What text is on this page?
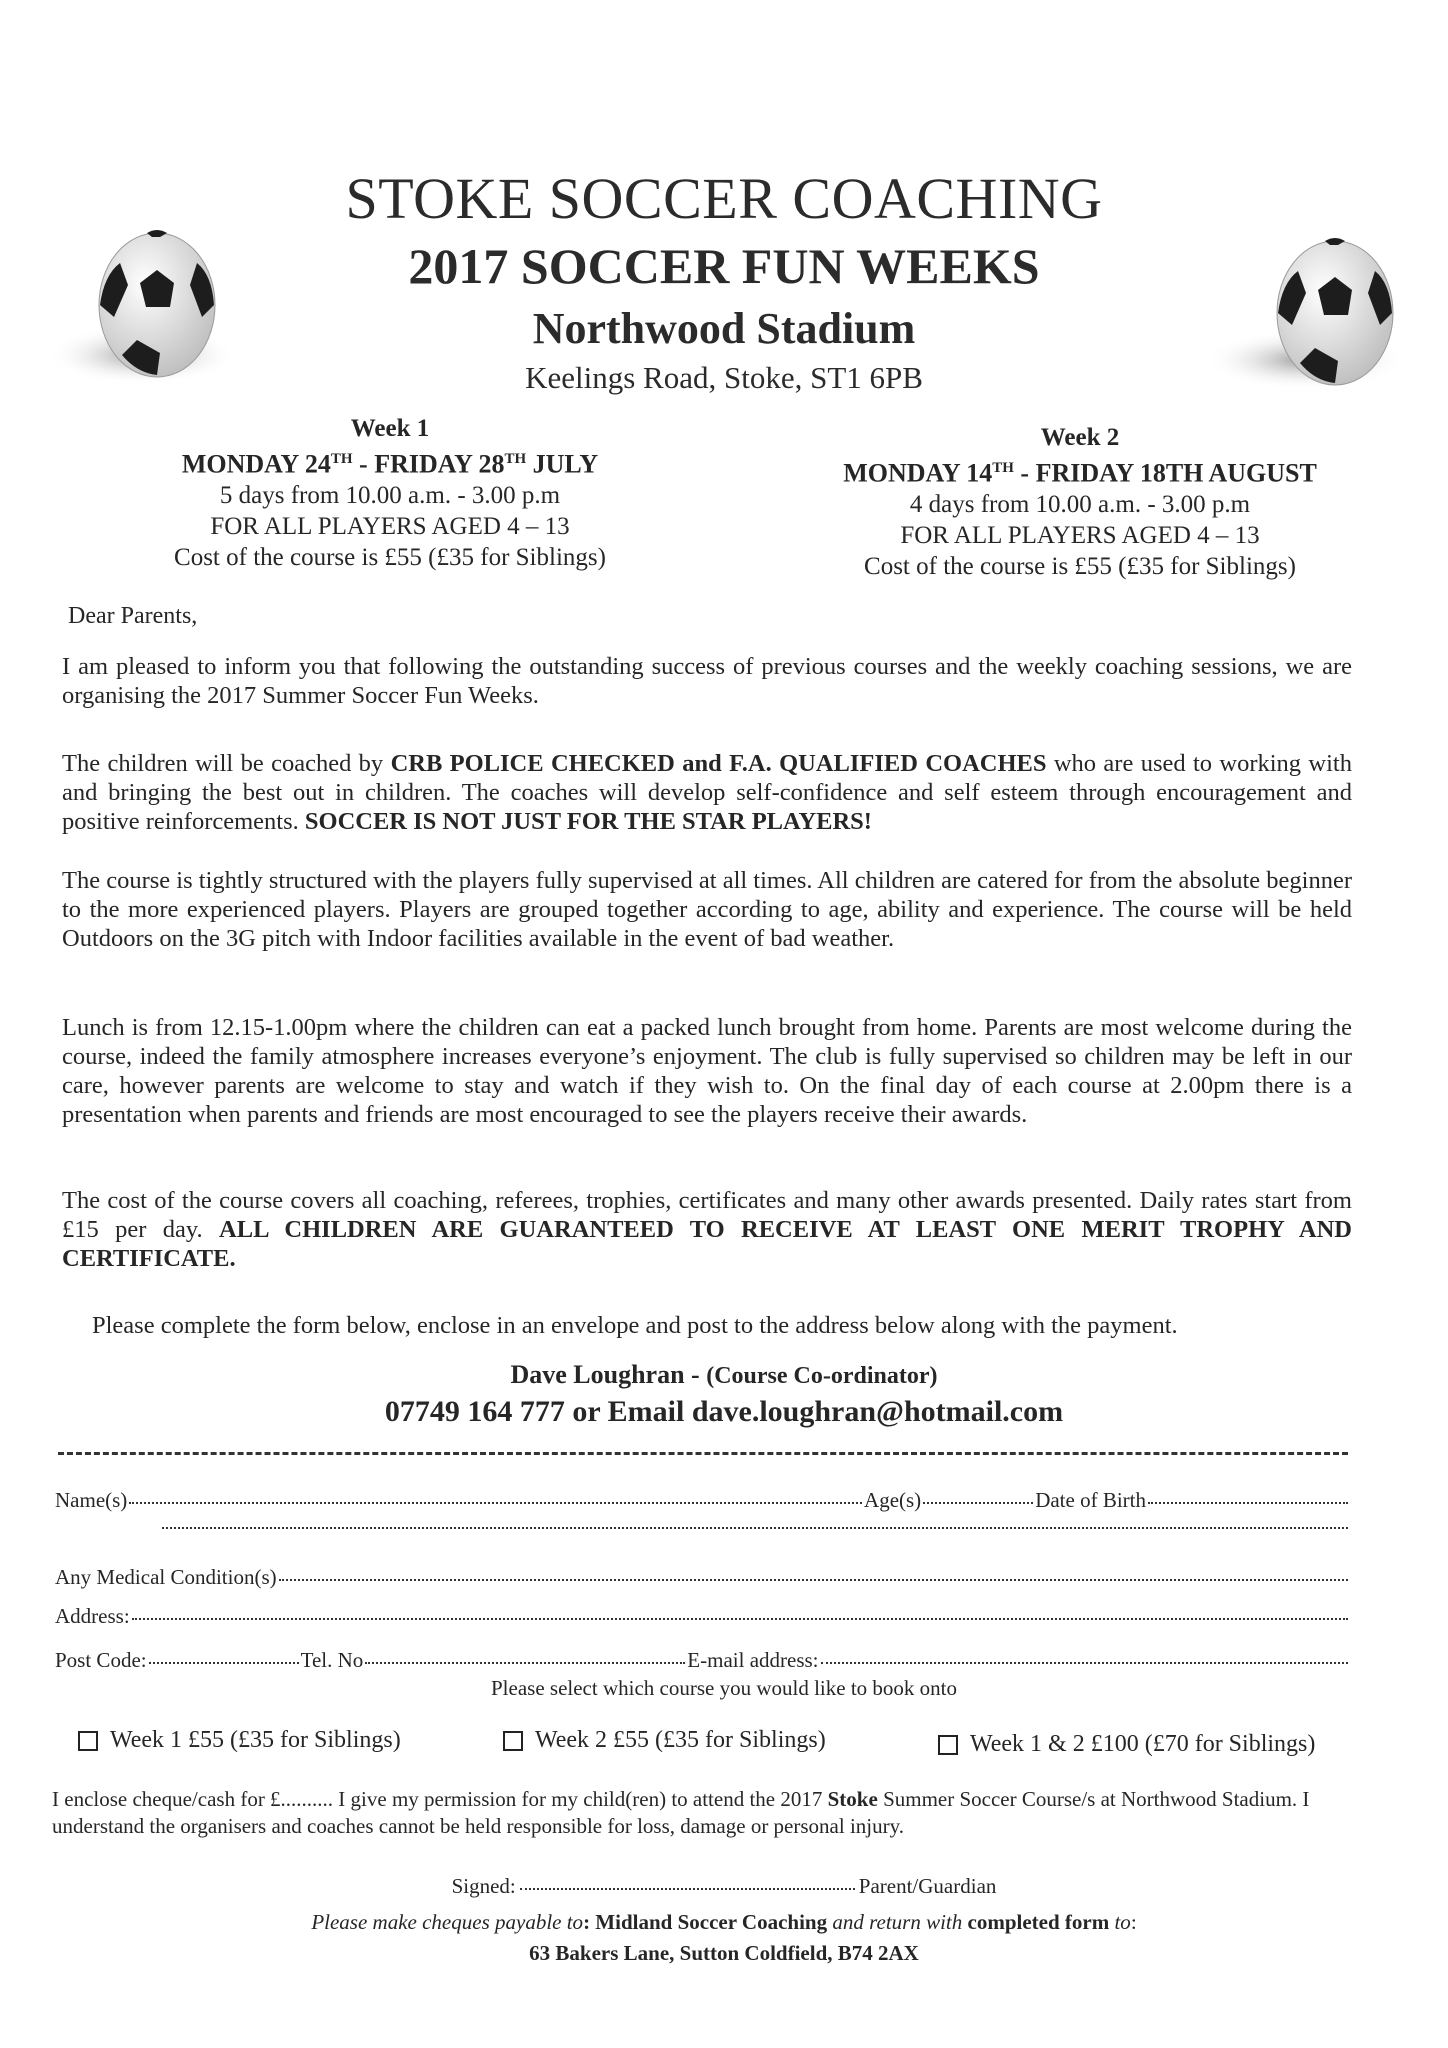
STOKE SOCCER COACHING
2017 SOCCER FUN WEEKS
Northwood Stadium
Keelings Road, Stoke, ST1 6PB
Week 1
MONDAY 24TH - FRIDAY 28TH JULY
5 days from 10.00 a.m. - 3.00 p.m
FOR ALL PLAYERS AGED 4 – 13
Cost of the course is £55 (£35 for Siblings)
Week 2
MONDAY 14TH - FRIDAY 18TH AUGUST
4 days from 10.00 a.m. - 3.00 p.m
FOR ALL PLAYERS AGED 4 – 13
Cost of the course is £55 (£35 for Siblings)
Dear Parents,
I am pleased to inform you that following the outstanding success of previous courses and the weekly coaching sessions, we are organising the 2017 Summer Soccer Fun Weeks.
The children will be coached by CRB POLICE CHECKED and F.A. QUALIFIED COACHES who are used to working with and bringing the best out in children. The coaches will develop self-confidence and self esteem through encouragement and positive reinforcements. SOCCER IS NOT JUST FOR THE STAR PLAYERS!
The course is tightly structured with the players fully supervised at all times. All children are catered for from the absolute beginner to the more experienced players. Players are grouped together according to age, ability and experience. The course will be held Outdoors on the 3G pitch with Indoor facilities available in the event of bad weather.
Lunch is from 12.15-1.00pm where the children can eat a packed lunch brought from home. Parents are most welcome during the course, indeed the family atmosphere increases everyone’s enjoyment. The club is fully supervised so children may be left in our care, however parents are welcome to stay and watch if they wish to. On the final day of each course at 2.00pm there is a presentation when parents and friends are most encouraged to see the players receive their awards.
The cost of the course covers all coaching, referees, trophies, certificates and many other awards presented. Daily rates start from £15 per day. ALL CHILDREN ARE GUARANTEED TO RECEIVE AT LEAST ONE MERIT TROPHY AND CERTIFICATE.
Please complete the form below, enclose in an envelope and post to the address below along with the payment.
Dave Loughran - (Course Co-ordinator)
07749 164 777 or Email dave.loughran@hotmail.com
Name(s)	Age(s)	Date of Birth
Any Medical Condition(s)
Address:
Post Code:	Tel. No	E-mail address:
Please select which course you would like to book onto
Week 1 £55 (£35 for Siblings)	Week 2 £55 (£35 for Siblings)	Week 1 & 2 £100 (£70 for Siblings)
I enclose cheque/cash for £.......... I give my permission for my child(ren) to attend the 2017 Stoke Summer Soccer Course/s at Northwood Stadium. I understand the organisers and coaches cannot be held responsible for loss, damage or personal injury.
Signed:	Parent/Guardian
Please make cheques payable to: Midland Soccer Coaching and return with completed form to:
63 Bakers Lane, Sutton Coldfield, B74 2AX
